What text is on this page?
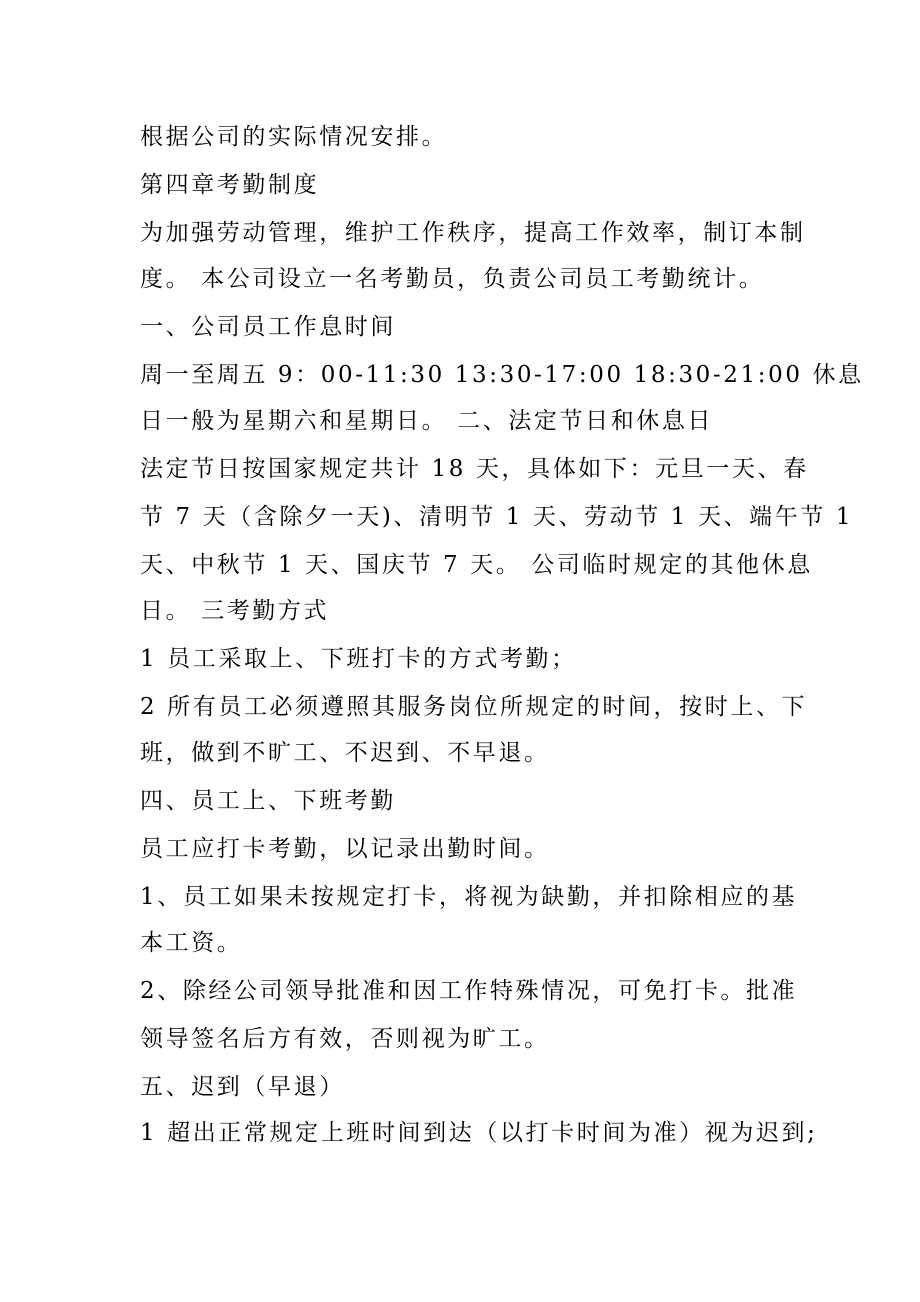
根据公司的实际情况安排。
第四章考勤制度
为加强劳动管理，维护工作秩序，提高工作效率，制订本制
度。 本公司设立一名考勤员，负责公司员工考勤统计。
一、公司员工作息时间
周一至周五 9：00-11:30 13:30-17:00 18:30-21:00 休息
日一般为星期六和星期日。 二、法定节日和休息日
法定节日按国家规定共计 18 天，具体如下：元旦一天、春
节 7 天（含除夕一天)、清明节 1 天、劳动节 1 天、端午节 1
天、中秋节 1 天、国庆节 7 天。 公司临时规定的其他休息
日。 三考勤方式
1 员工采取上、下班打卡的方式考勤；
2 所有员工必须遵照其服务岗位所规定的时间，按时上、下
班，做到不旷工、不迟到、不早退。
四、员工上、下班考勤
员工应打卡考勤，以记录出勤时间。
1、员工如果未按规定打卡，将视为缺勤，并扣除相应的基
本工资。
2、除经公司领导批准和因工作特殊情况，可免打卡。批准
领导签名后方有效，否则视为旷工。
五、迟到（早退）
1 超出正常规定上班时间到达（以打卡时间为准）视为迟到;
